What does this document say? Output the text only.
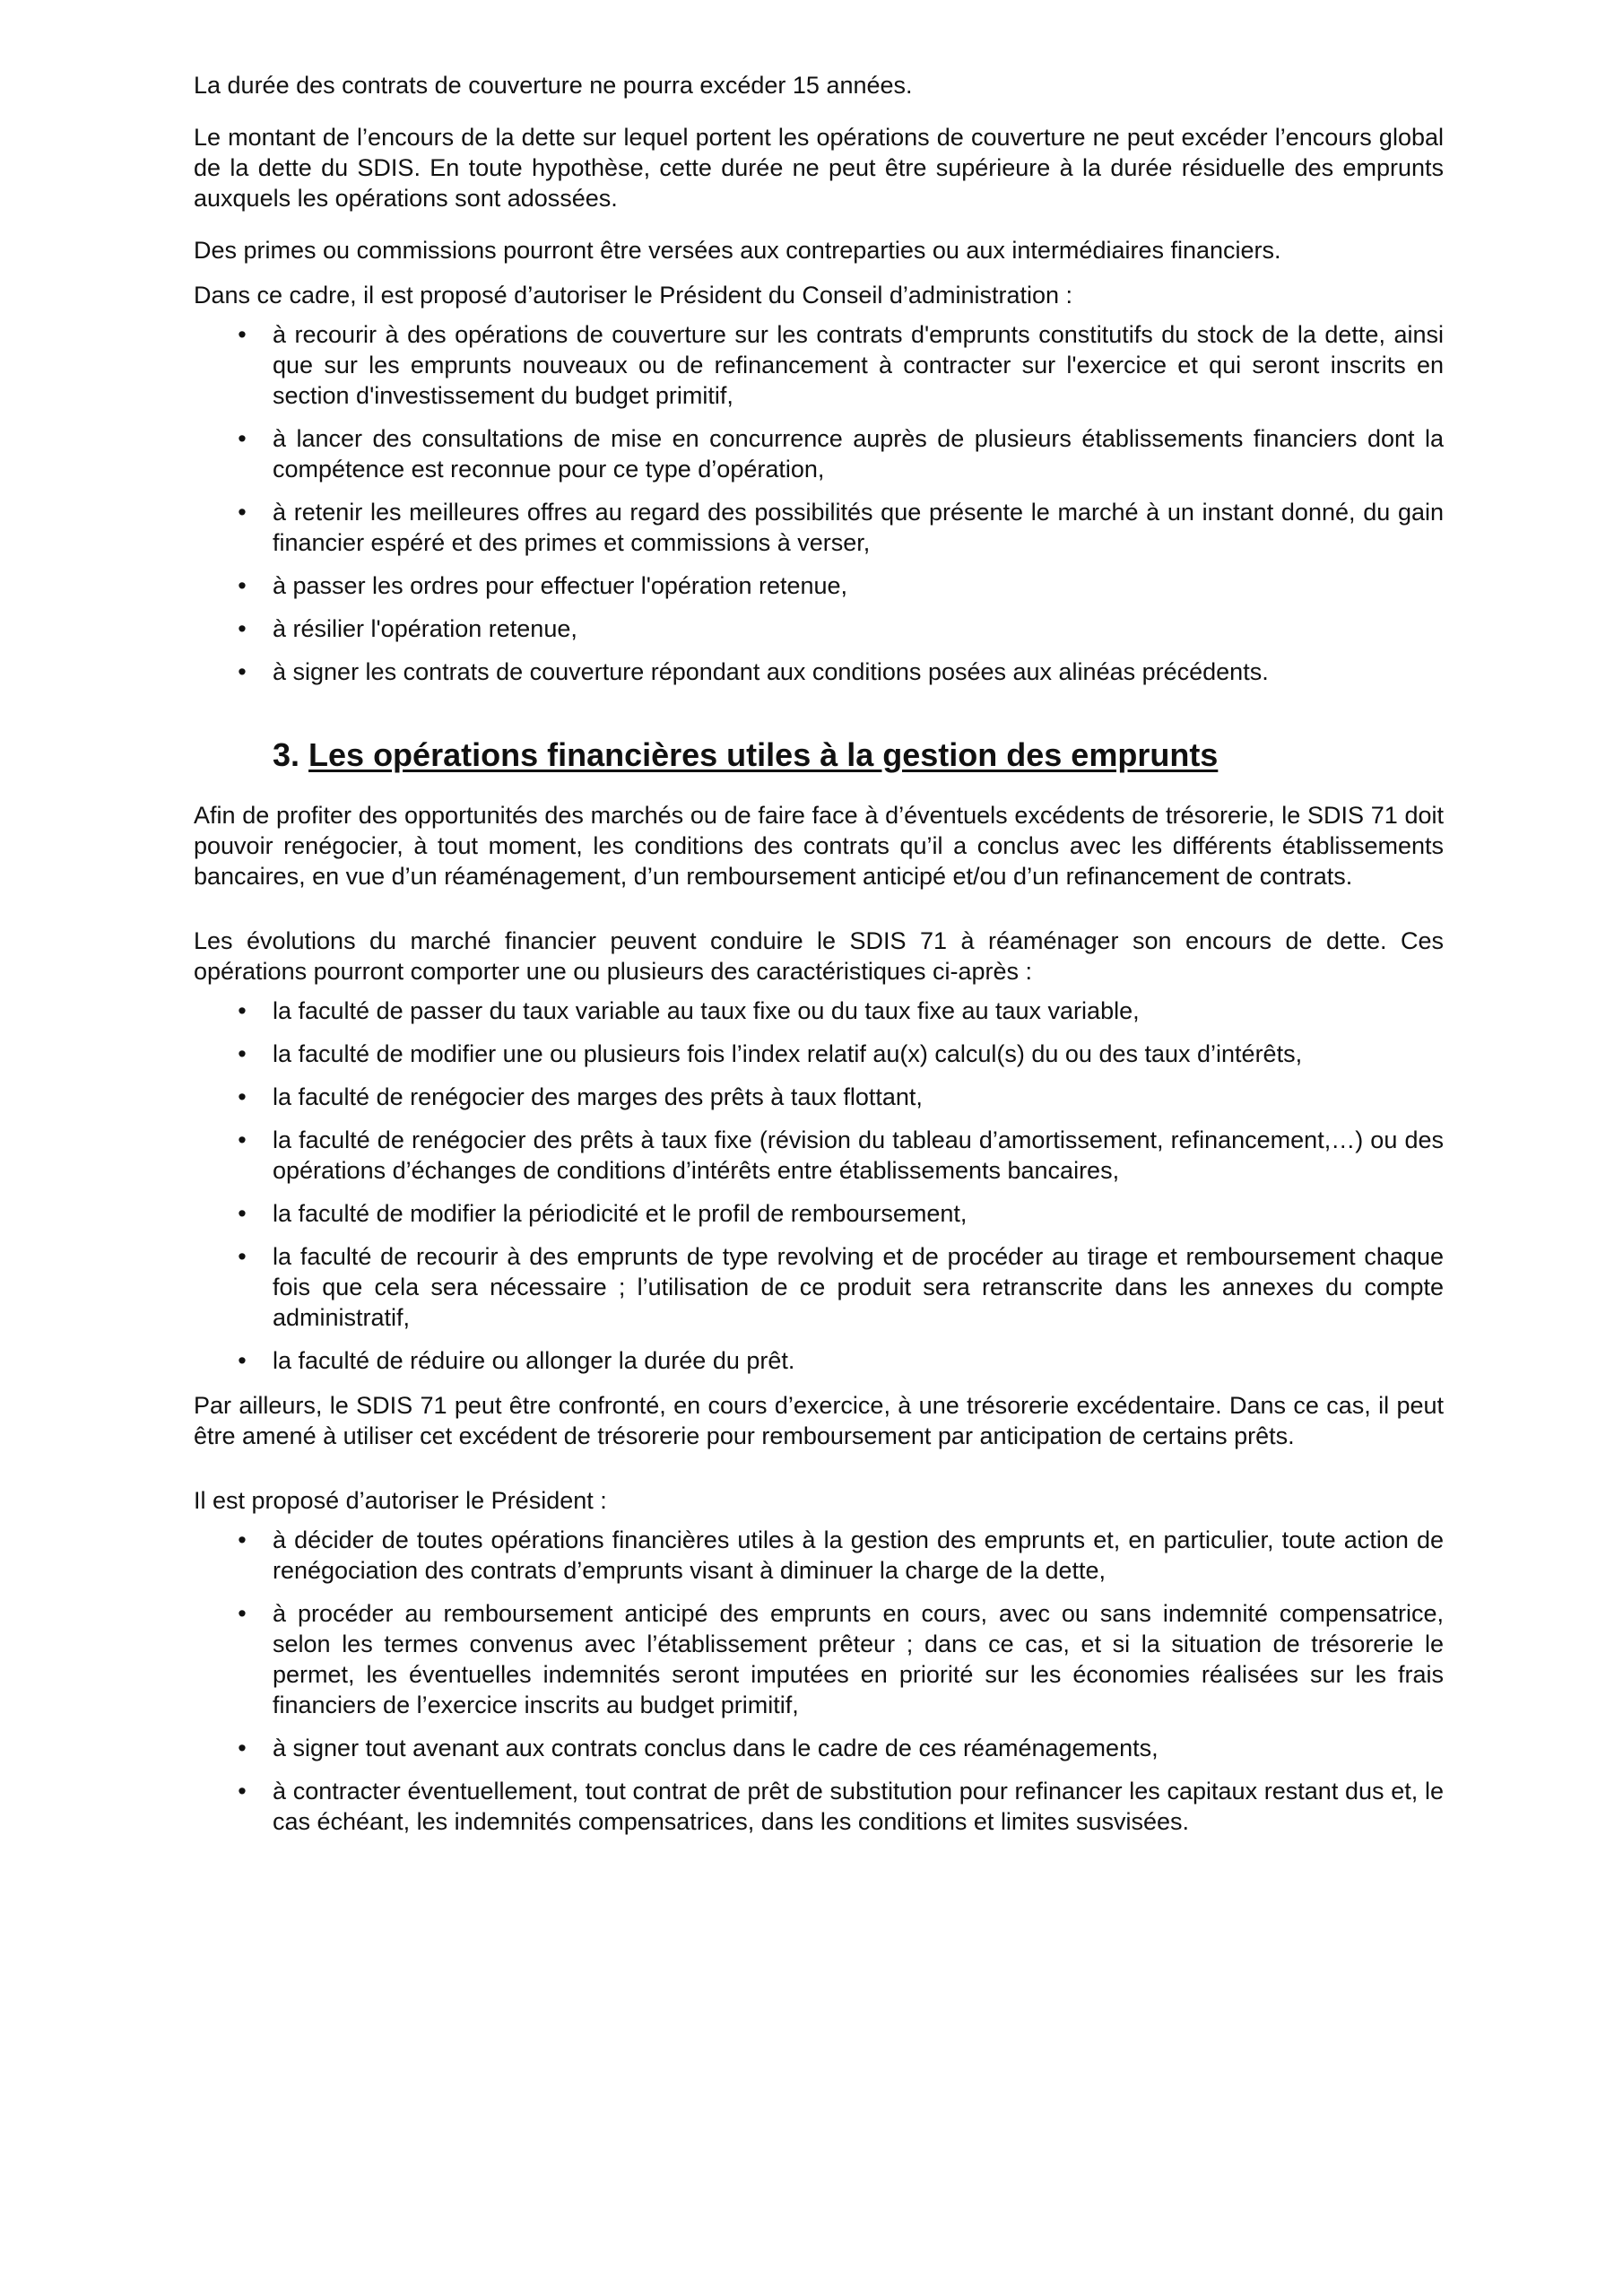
La durée des contrats de couverture ne pourra excéder 15 années.

Le montant de l’encours de la dette sur lequel portent les opérations de couverture ne peut excéder l’encours global de la dette du SDIS. En toute hypothèse, cette durée ne peut être supérieure à la durée résiduelle des emprunts auxquels les opérations sont adossées.

Des primes ou commissions pourront être versées aux contreparties ou aux intermédiaires financiers.

Dans ce cadre, il est proposé d’autoriser le Président du Conseil d’administration :

• à recourir à des opérations de couverture sur les contrats d'emprunts constitutifs du stock de la dette, ainsi que sur les emprunts nouveaux ou de refinancement à contracter sur l'exercice et qui seront inscrits en section d'investissement du budget primitif,
• à lancer des consultations de mise en concurrence auprès de plusieurs établissements financiers dont la compétence est reconnue pour ce type d’opération,
• à retenir les meilleures offres au regard des possibilités que présente le marché à un instant donné, du gain financier espéré et des primes et commissions à verser,
• à passer les ordres pour effectuer l'opération retenue,
• à résilier l'opération retenue,
• à signer les contrats de couverture répondant aux conditions posées aux alinéas précédents.
3. Les opérations financières utiles à la gestion des emprunts

Afin de profiter des opportunités des marchés ou de faire face à d’éventuels excédents de trésorerie, le SDIS 71 doit pouvoir renégocier, à tout moment, les conditions des contrats qu’il a conclus avec les différents établissements bancaires, en vue d’un réaménagement, d’un remboursement anticipé et/ou d’un refinancement de contrats.

Les évolutions du marché financier peuvent conduire le SDIS 71 à réaménager son encours de dette. Ces opérations pourront comporter une ou plusieurs des caractéristiques ci-après :

• la faculté de passer du taux variable au taux fixe ou du taux fixe au taux variable,
• la faculté de modifier une ou plusieurs fois l’index relatif au(x) calcul(s) du ou des taux d’intérêts,
• la faculté de renégocier des marges des prêts à taux flottant,
• la faculté de renégocier des prêts à taux fixe (révision du tableau d’amortissement, refinancement,…) ou des opérations d’échanges de conditions d’intérêts entre établissements bancaires,
• la faculté de modifier la périodicité et le profil de remboursement,
• la faculté de recourir à des emprunts de type revolving et de procéder au tirage et remboursement chaque fois que cela sera nécessaire ; l’utilisation de ce produit sera retranscrite dans les annexes du compte administratif,
• la faculté de réduire ou allonger la durée du prêt.

Par ailleurs, le SDIS 71 peut être confronté, en cours d’exercice, à une trésorerie excédentaire. Dans ce cas, il peut être amené à utiliser cet excédent de trésorerie pour remboursement par anticipation de certains prêts.

Il est proposé d’autoriser le Président :

• à décider de toutes opérations financières utiles à la gestion des emprunts et, en particulier, toute action de renégociation des contrats d’emprunts visant à diminuer la charge de la dette,
• à procéder au remboursement anticipé des emprunts en cours, avec ou sans indemnité compensatrice, selon les termes convenus avec l’établissement prêteur ; dans ce cas, et si la situation de trésorerie le permet, les éventuelles indemnités seront imputées en priorité sur les économies réalisées sur les frais financiers de l’exercice inscrits au budget primitif,
• à signer tout avenant aux contrats conclus dans le cadre de ces réaménagements,
• à contracter éventuellement, tout contrat de prêt de substitution pour refinancer les capitaux restant dus et, le cas échéant, les indemnités compensatrices, dans les conditions et limites susvisées.
